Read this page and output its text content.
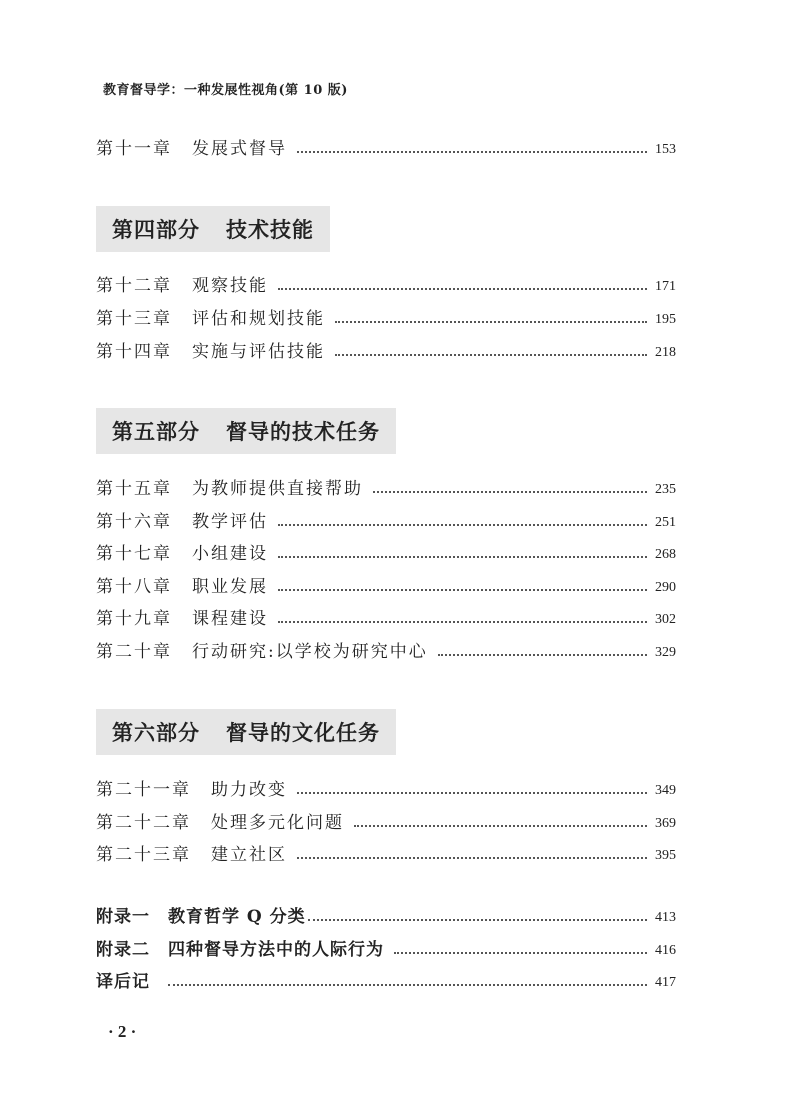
教育督导学：一种发展性视角(第 10 版)
第十一章 发展式督导	153
第四部分 技术技能
第十二章 观察技能	171
第十三章 评估和规划技能	195
第十四章 实施与评估技能	218
第五部分 督导的技术任务
第十五章 为教师提供直接帮助	235
第十六章 教学评估	251
第十七章 小组建设	268
第十八章 职业发展	290
第十九章 课程建设	302
第二十章 行动研究:以学校为研究中心	329
第六部分 督导的文化任务
第二十一章 助力改变	349
第二十二章 处理多元化问题	369
第二十三章 建立社区	395
附录一 教育哲学 Q 分类	413
附录二 四种督导方法中的人际行为	416
译后记	417
· 2 ·
